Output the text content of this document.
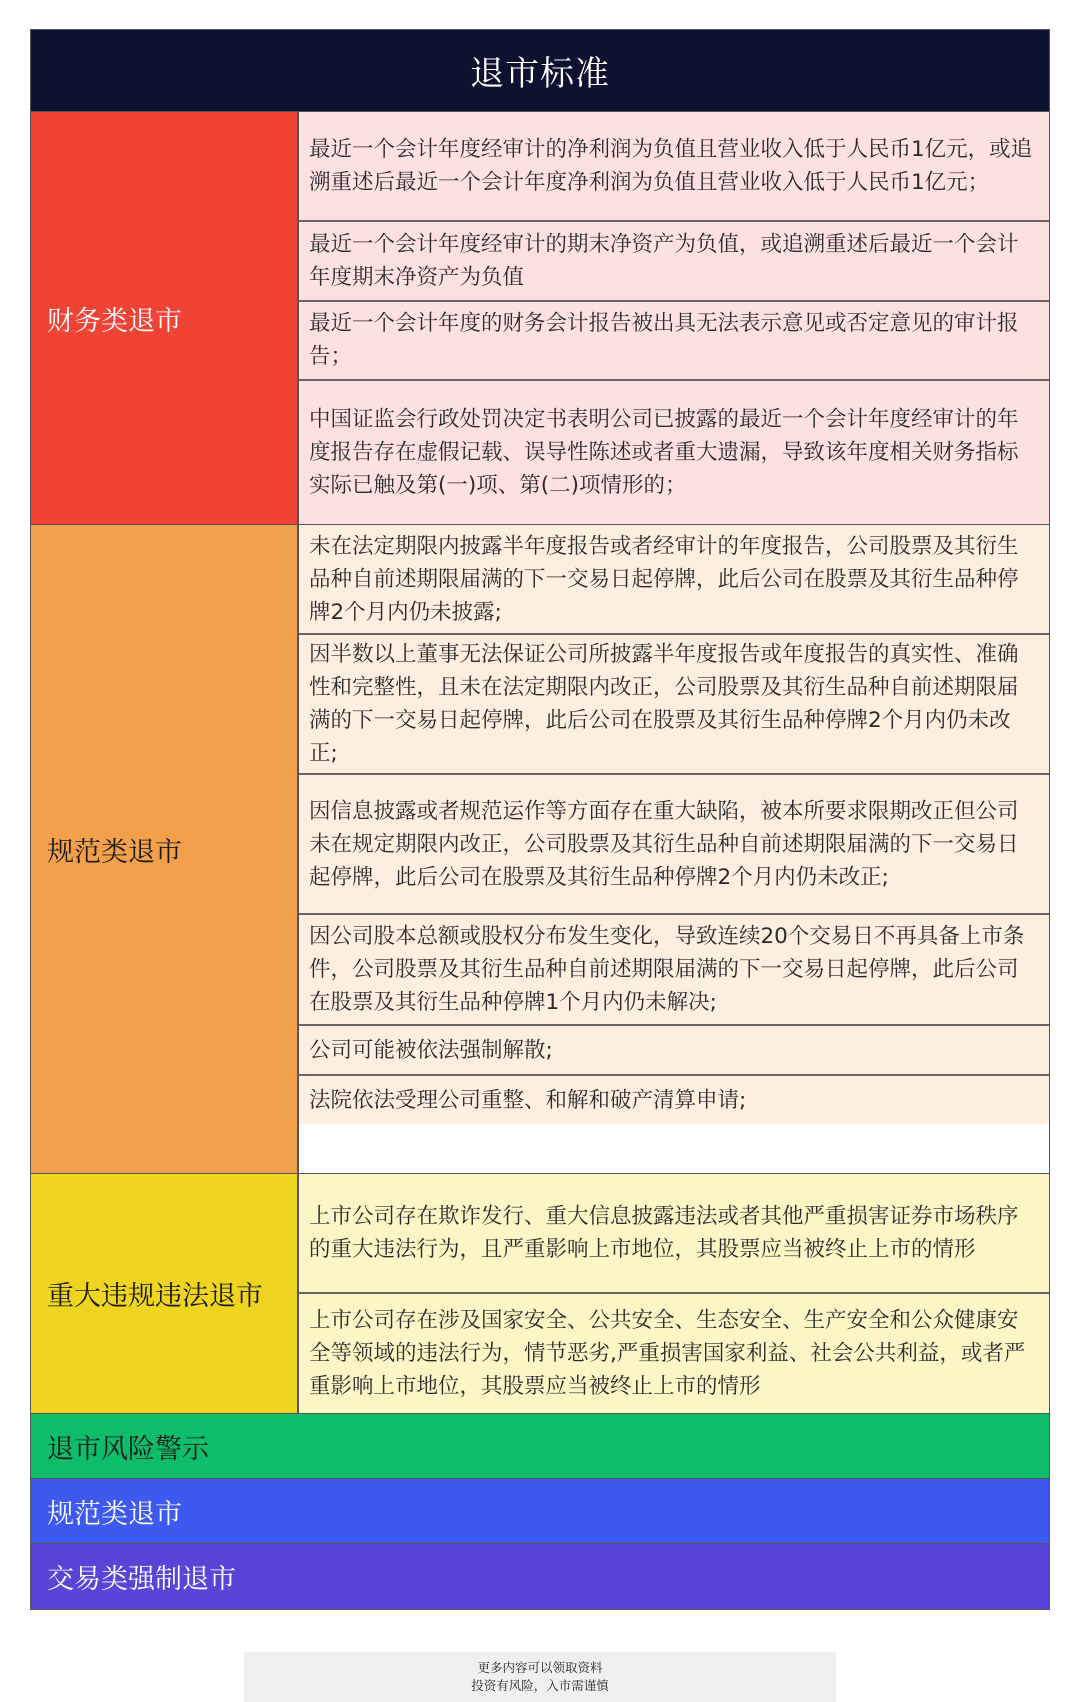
退市标准
财务类退市
最近一个会计年度经审计的净利润为负值且营业收入低于人民币1亿元，或追溯重述后最近一个会计年度净利润为负值且营业收入低于人民币1亿元；
最近一个会计年度经审计的期末净资产为负值，或追溯重述后最近一个会计年度期末净资产为负值
最近一个会计年度的财务会计报告被出具无法表示意见或否定意见的审计报告；
中国证监会行政处罚决定书表明公司已披露的最近一个会计年度经审计的年度报告存在虚假记载、误导性陈述或者重大遗漏，导致该年度相关财务指标实际已触及第(一)项、第(二)项情形的；
规范类退市
未在法定期限内披露半年度报告或者经审计的年度报告，公司股票及其衍生品种自前述期限届满的下一交易日起停牌，此后公司在股票及其衍生品种停牌2个月内仍未披露;
因半数以上董事无法保证公司所披露半年度报告或年度报告的真实性、准确性和完整性，且未在法定期限内改正，公司股票及其衍生品种自前述期限届满的下一交易日起停牌，此后公司在股票及其衍生品种停牌2个月内仍未改正;
因信息披露或者规范运作等方面存在重大缺陷，被本所要求限期改正但公司未在规定期限内改正，公司股票及其衍生品种自前述期限届满的下一交易日起停牌，此后公司在股票及其衍生品种停牌2个月内仍未改正;
因公司股本总额或股权分布发生变化，导致连续20个交易日不再具备上市条件，公司股票及其衍生品种自前述期限届满的下一交易日起停牌，此后公司在股票及其衍生品种停牌1个月内仍未解决;
公司可能被依法强制解散;
法院依法受理公司重整、和解和破产清算申请;
重大违规违法退市
上市公司存在欺诈发行、重大信息披露违法或者其他严重损害证券市场秩序的重大违法行为，且严重影响上市地位，其股票应当被终止上市的情形
上市公司存在涉及国家安全、公共安全、生态安全、生产安全和公众健康安全等领域的违法行为，情节恶劣,严重损害国家利益、社会公共利益，或者严重影响上市地位，其股票应当被终止上市的情形
退市风险警示
规范类退市
交易类强制退市
更多内容可以领取资料
投资有风险，入市需谨慎
